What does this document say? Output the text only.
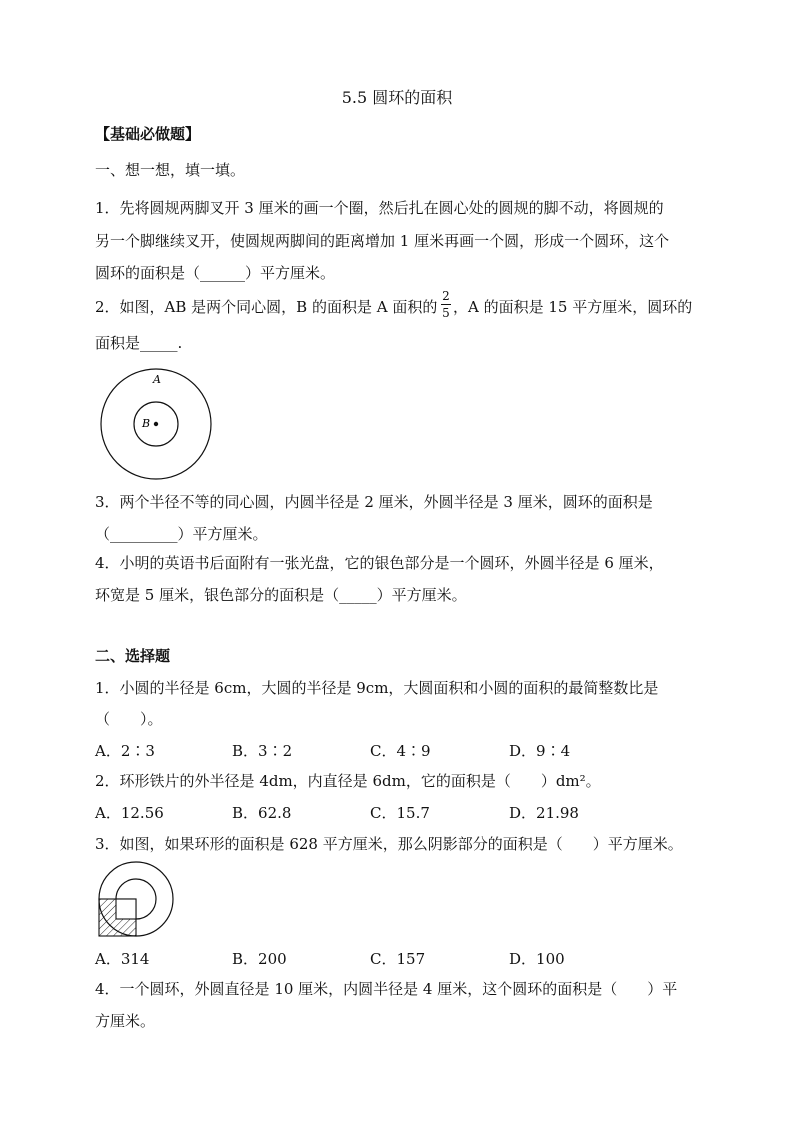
5.5 圆环的面积
【基础必做题】
一、想一想，填一填。
1．先将圆规两脚叉开 3 厘米的画一个圈，然后扎在圆心处的圆规的脚不动，将圆规的
另一个脚继续叉开，使圆规两脚间的距离增加 1 厘米再画一个圆，形成一个圆环，这个
圆环的面积是（______）平方厘米。
2．如图，AB 是两个同心圆，B 的面积是 A 面积的
2
5 ，A 的面积是 15 平方厘米，圆环的
面积是_____.
A
B
3．两个半径不等的同心圆，内圆半径是 2 厘米，外圆半径是 3 厘米，圆环的面积是
（_________）平方厘米。
4．小明的英语书后面附有一张光盘，它的银色部分是一个圆环，外圆半径是 6 厘米，
环宽是 5 厘米，银色部分的面积是（_____）平方厘米。
二、选择题
1．小圆的半径是 6cm，大圆的半径是 9cm，大圆面积和小圆的面积的最简整数比是
（　　）。
A．2∶3	B．3∶2	C．4∶9	D．9∶4
2．环形铁片的外半径是 4dm，内直径是 6dm，它的面积是（　　）dm²。
A．12.56	B．62.8	C．15.7	D．21.98
3．如图，如果环形的面积是 628 平方厘米，那么阴影部分的面积是（　　）平方厘米。
A．314	B．200	C．157	D．100
4．一个圆环，外圆直径是 10 厘米，内圆半径是 4 厘米，这个圆环的面积是（　　）平
方厘米。
